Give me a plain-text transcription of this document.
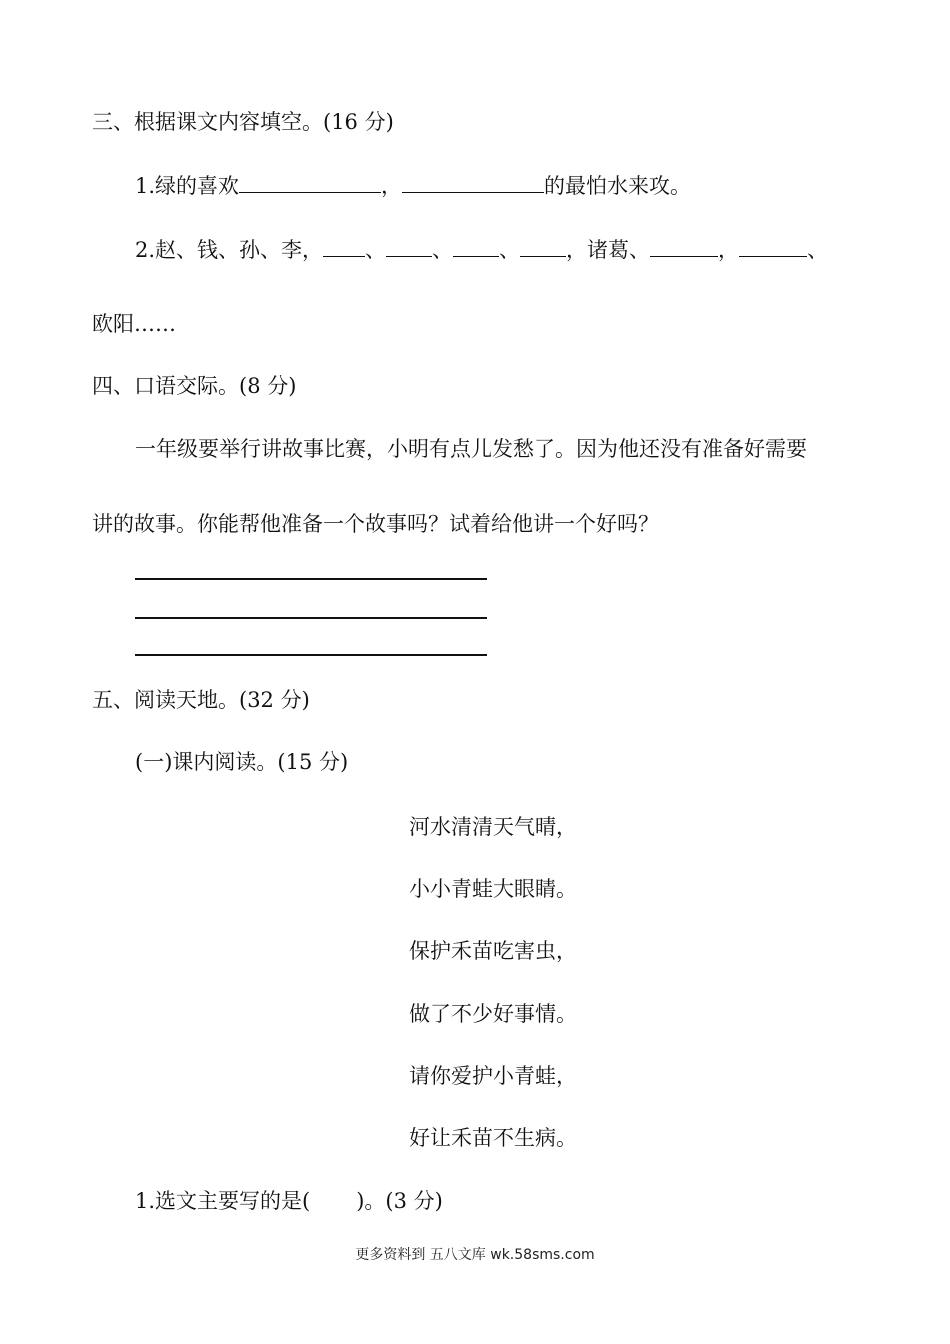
三、根据课文内容填空。(16 分)
1.绿的喜欢	，	的最怕水来攻。
2.赵、钱、孙、李， 、 、 、 ，诸葛、	，	、
欧阳……
四、口语交际。(8 分)
一年级要举行讲故事比赛，小明有点儿发愁了。因为他还没有准备好需要
讲的故事。你能帮他准备一个故事吗？试着给他讲一个好吗？
五、阅读天地。(32 分)
(一)课内阅读。(15 分)
河水清清天气晴，
小小青蛙大眼睛。
保护禾苗吃害虫，
做了不少好事情。
请你爱护小青蛙，
好让禾苗不生病。
1.选文主要写的是( )。(3 分)
更多资料到 五八文库 wk.58sms.com
